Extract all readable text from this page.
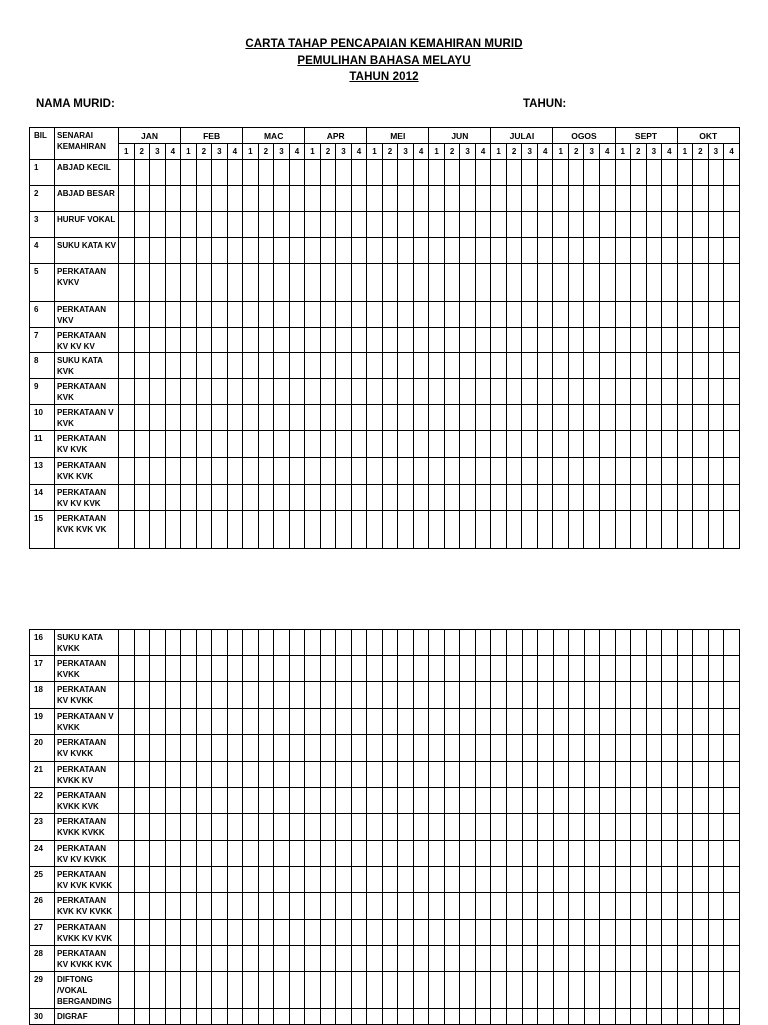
CARTA TAHAP PENCAPAIAN KEMAHIRAN MURID
PEMULIHAN BAHASA MELAYU
TAHUN 2012
NAMA MURID:	TAHUN:
BIL	SENARAI KEMAHIRAN	JAN				FEB				MAC				APR				MEI				JUN				JULAI				OGOS				SEPT				OKT			
		1	2	3	4	1	2	3	4	1	2	3	4	1	2	3	4	1	2	3	4	1	2	3	4	1	2	3	4	1	2	3	4	1	2	3	4	1	2	3	4
1	ABJAD KECIL																																								
2	ABJAD BESAR																																								
3	HURUF VOKAL																																								
4	SUKU KATA KV																																								
5	PERKATAAN KVKV																																								
6	PERKATAAN VKV																																								
7	PERKATAAN KV KV KV																																								
8	SUKU KATA KVK																																								
9	PERKATAAN KVK																																								
10	PERKATAAN V KVK																																								
11	PERKATAAN KV KVK																																								
13	PERKATAAN KVK KVK																																								
14	PERKATAAN KV KV KVK																																								
15	PERKATAAN KVK KVK VK																																								
16	SUKU KATA KVKK																																								
17	PERKATAAN KVKK																																								
18	PERKATAAN KV KVKK																																								
19	PERKATAAN V KVKK																																								
20	PERKATAAN KV KVKK																																								
21	PERKATAAN KVKK KV																																								
22	PERKATAAN KVKK KVK																																								
23	PERKATAAN KVKK KVKK																																								
24	PERKATAAN KV KV KVKK																																								
25	PERKATAAN KV KVK KVKK																																								
26	PERKATAAN KVK KV KVKK																																								
27	PERKATAAN KVKK KV KVK																																								
28	PERKATAAN KV KVKK KVK																																								
29	DIFTONG /VOKAL BERGANDING																																								
30	DIGRAF																																								
